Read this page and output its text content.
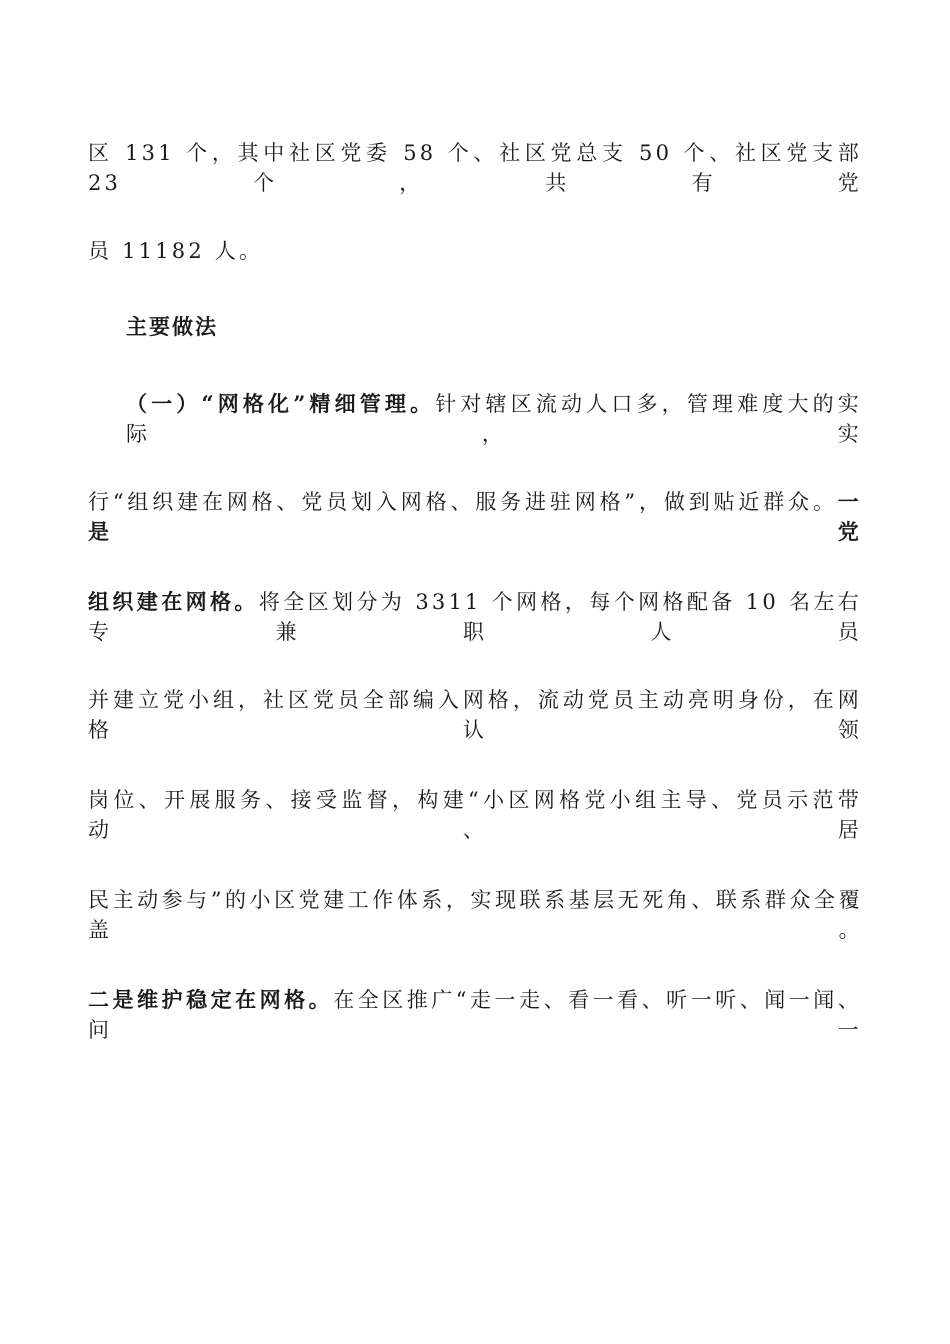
区 131 个，其中社区党委 58 个、社区党总支 50 个、社区党支部 23 个，共有党
员 11182 人。
主要做法
（一）“网格化”精细管理。针对辖区流动人口多，管理难度大的实际，实
行“组织建在网格、党员划入网格、服务进驻网格”，做到贴近群众。一是党
组织建在网格。将全区划分为 3311 个网格，每个网格配备 10 名左右专兼职人员
并建立党小组，社区党员全部编入网格，流动党员主动亮明身份，在网格认领
岗位、开展服务、接受监督，构建“小区网格党小组主导、党员示范带动、居
民主动参与”的小区党建工作体系，实现联系基层无死角、联系群众全覆盖。
二是维护稳定在网格。在全区推广“走一走、看一看、听一听、闻一闻、问一
